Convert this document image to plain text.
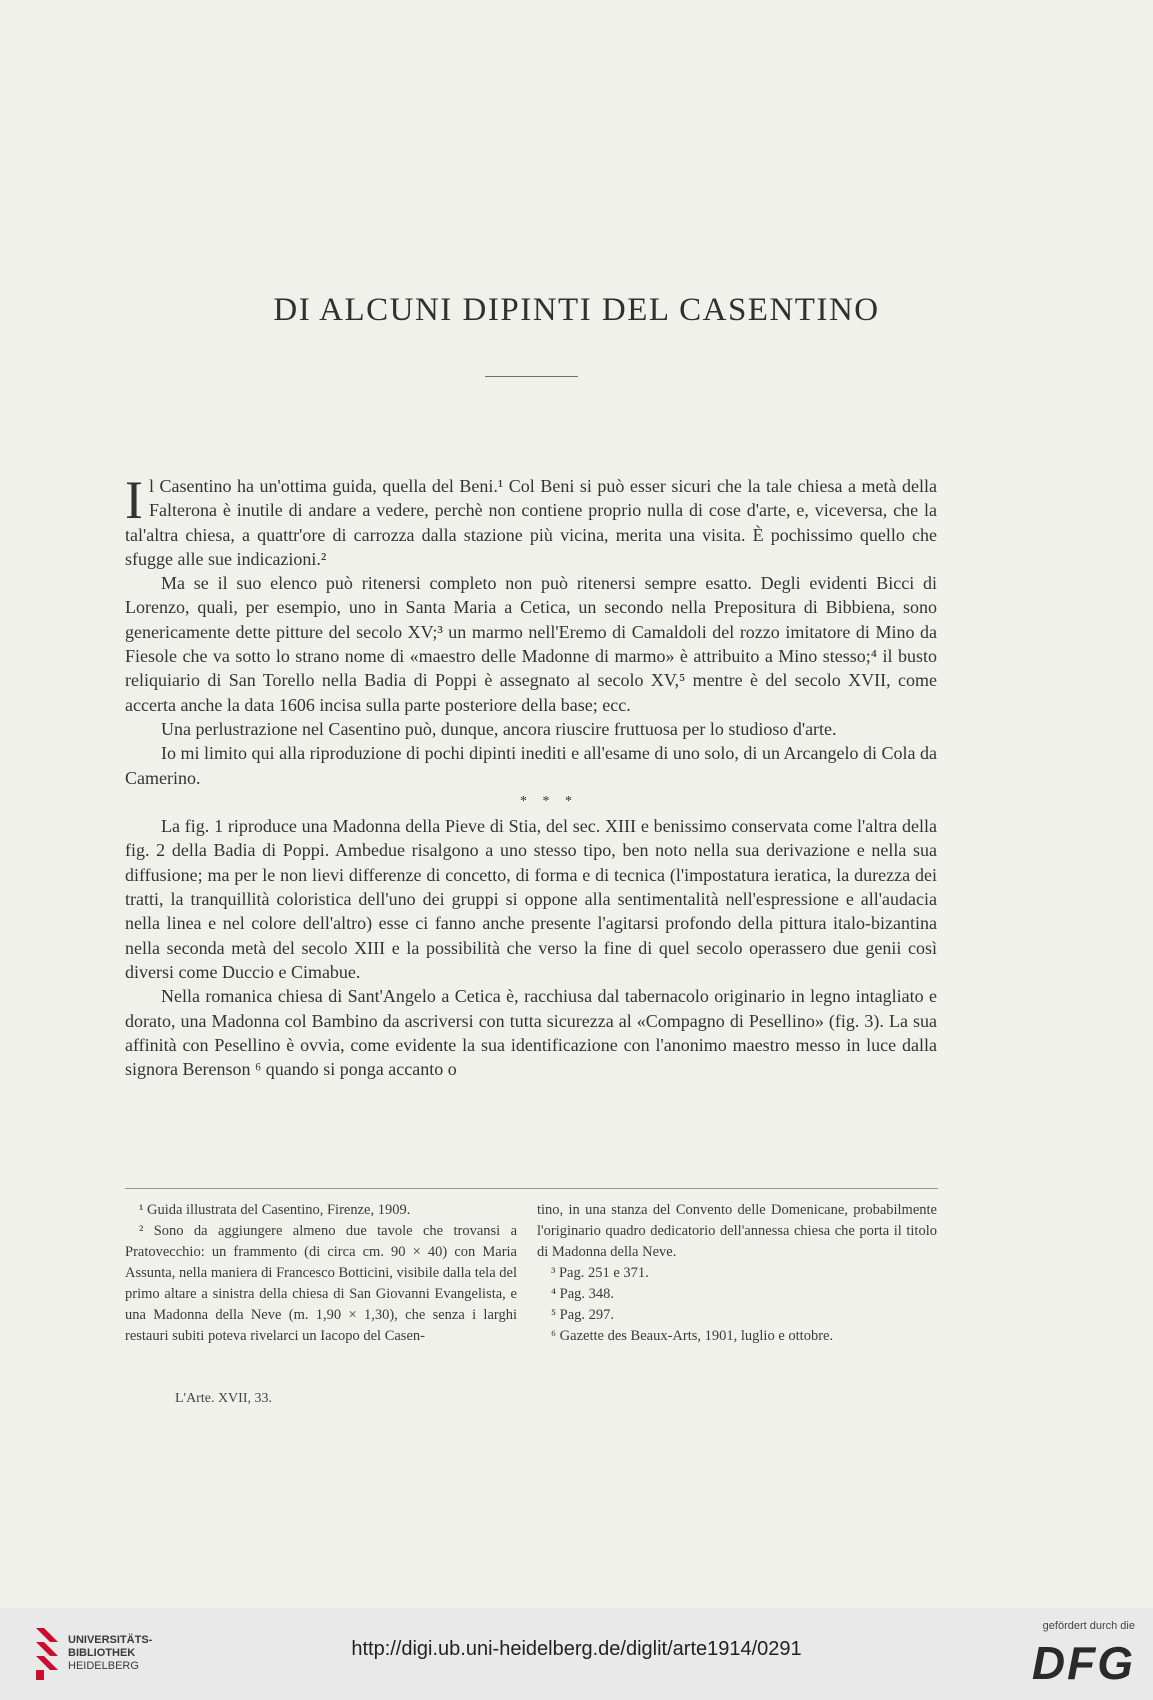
DI ALCUNI DIPINTI DEL CASENTINO

Il Casentino ha un'ottima guida, quella del Beni.¹ Col Beni si può esser sicuri che la tale chiesa a metà della Falterona è inutile di andare a vedere, perchè non contiene proprio nulla di cose d'arte, e, viceversa, che la tal'altra chiesa, a quattr'ore di carrozza dalla stazione più vicina, merita una visita. È pochissimo quello che sfugge alle sue indicazioni.²

Ma se il suo elenco può ritenersi completo non può ritenersi sempre esatto. Degli evidenti Bicci di Lorenzo, quali, per esempio, uno in Santa Maria a Cetica, un secondo nella Prepositura di Bibbiena, sono genericamente dette pitture del secolo XV;³ un marmo nell'Eremo di Camaldoli del rozzo imitatore di Mino da Fiesole che va sotto lo strano nome di «maestro delle Madonne di marmo» è attribuito a Mino stesso;⁴ il busto reliquiario di San Torello nella Badia di Poppi è assegnato al secolo XV,⁵ mentre è del secolo XVII, come accerta anche la data 1606 incisa sulla parte posteriore della base; ecc.

Una perlustrazione nel Casentino può, dunque, ancora riuscire fruttuosa per lo studioso d'arte.

Io mi limito qui alla riproduzione di pochi dipinti inediti e all'esame di uno solo, di un Arcangelo di Cola da Camerino.

* * *

La fig. 1 riproduce una Madonna della Pieve di Stia, del sec. XIII e benissimo conservata come l'altra della fig. 2 della Badia di Poppi. Ambedue risalgono a uno stesso tipo, ben noto nella sua derivazione e nella sua diffusione; ma per le non lievi differenze di concetto, di forma e di tecnica (l'impostatura ieratica, la durezza dei tratti, la tranquillità coloristica dell'uno dei gruppi si oppone alla sentimentalità nell'espressione e all'audacia nella linea e nel colore dell'altro) esse ci fanno anche presente l'agitarsi profondo della pittura italo-bizantina nella seconda metà del secolo XIII e la possibilità che verso la fine di quel secolo operassero due genii così diversi come Duccio e Cimabue.

Nella romanica chiesa di Sant'Angelo a Cetica è, racchiusa dal tabernacolo originario in legno intagliato e dorato, una Madonna col Bambino da ascriversi con tutta sicurezza al «Compagno di Pesellino» (fig. 3). La sua affinità con Pesellino è ovvia, come evidente la sua identificazione con l'anonimo maestro messo in luce dalla signora Berenson ⁶ quando si ponga accanto o

¹ Guida illustrata del Casentino, Firenze, 1909.

² Sono da aggiungere almeno due tavole che trovansi a Pratovecchio: un frammento (di circa cm. 90 × 40) con Maria Assunta, nella maniera di Francesco Botticini, visibile dalla tela del primo altare a sinistra della chiesa di San Giovanni Evangelista, e una Madonna della Neve (m. 1,90 × 1,30), che senza i larghi restauri subiti poteva rivelarci un Iacopo del Casen-

tino, in una stanza del Convento delle Domenicane, probabilmente l'originario quadro dedicatorio dell'annessa chiesa che porta il titolo di Madonna della Neve.

³ Pag. 251 e 371.

⁴ Pag. 348.

⁵ Pag. 297.

⁶ Gazette des Beaux-Arts, 1901, luglio e ottobre.

L'Arte. XVII, 33.
UNIVERSITÄTS-
BIBLIOTHEK
HEIDELBERG
http://digi.ub.uni-heidelberg.de/diglit/arte1914/0291
gefördert durch die
DFG
